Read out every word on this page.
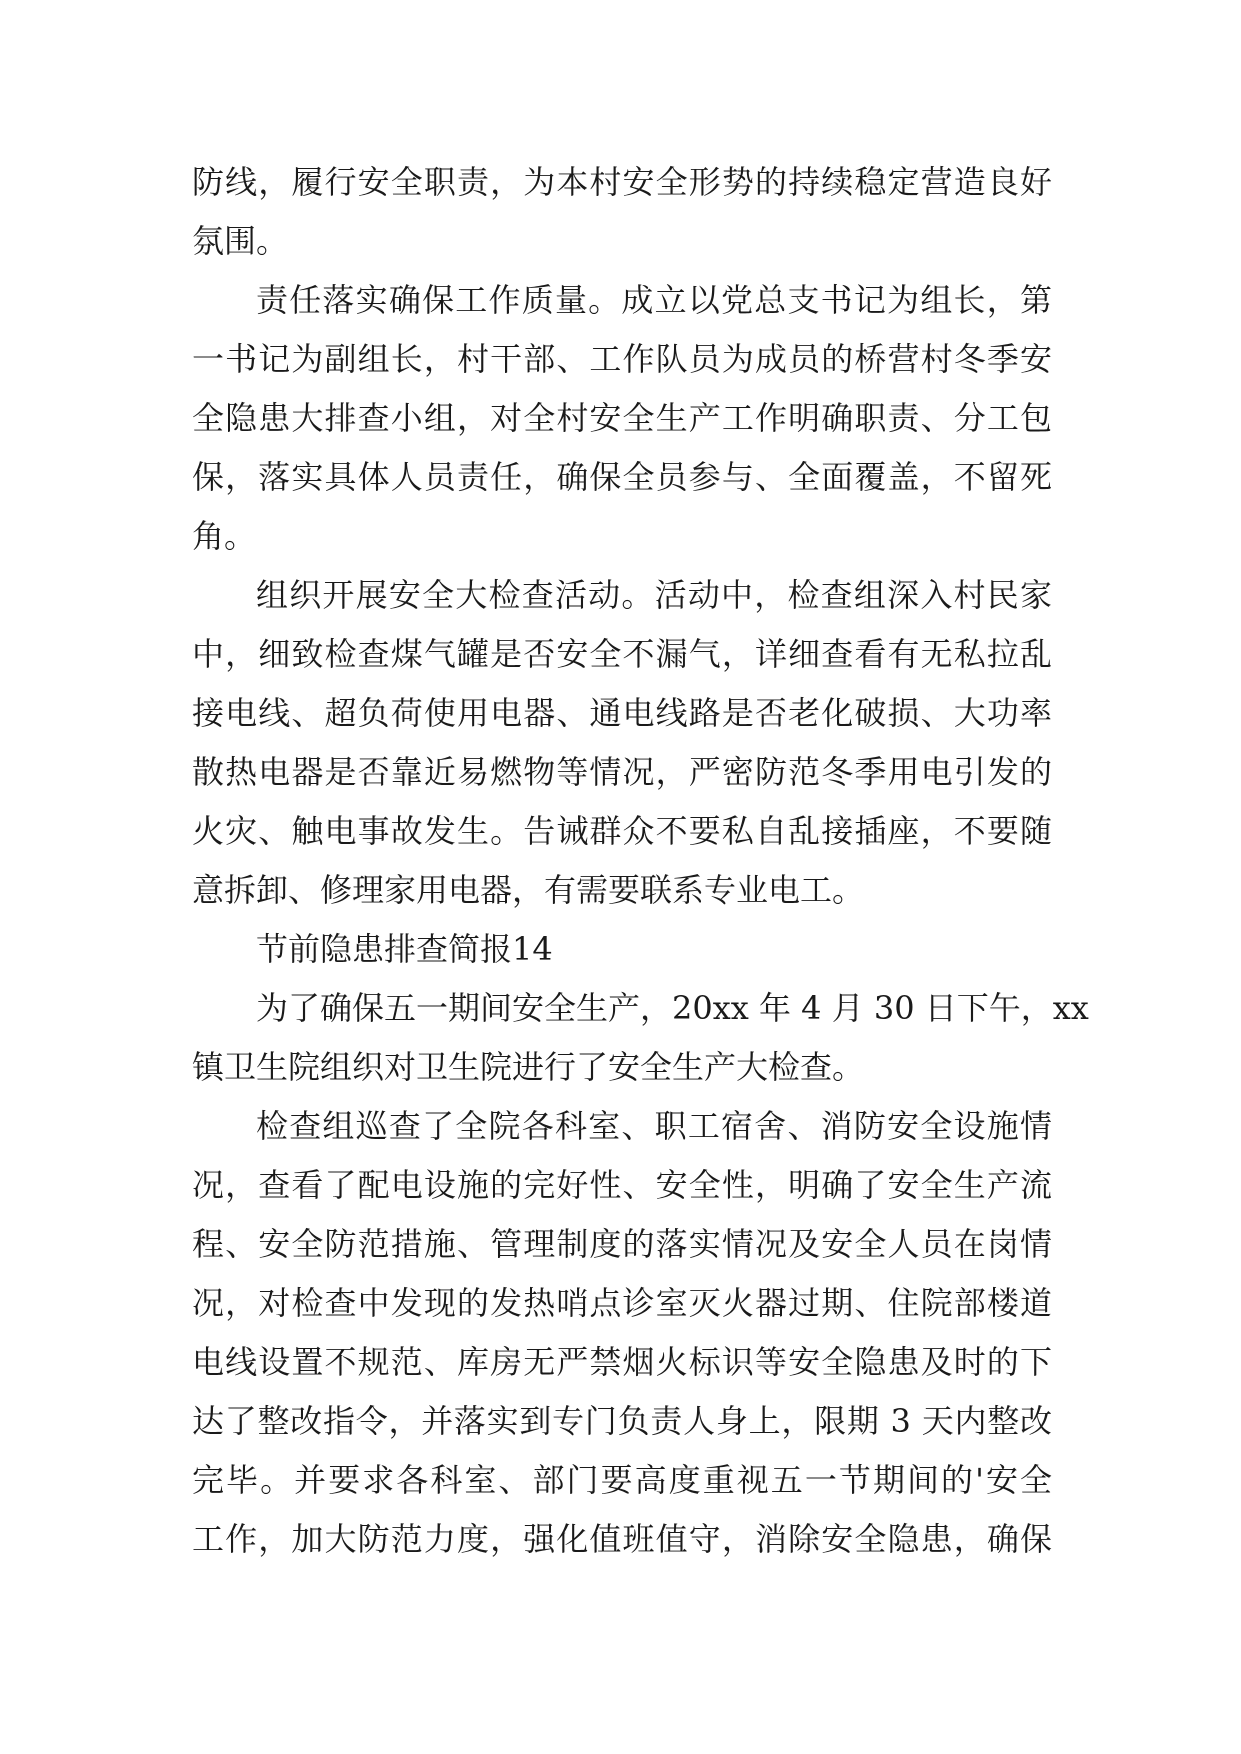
防线，履行安全职责，为本村安全形势的持续稳定营造良好
氛围。
责任落实确保工作质量。成立以党总支书记为组长，第
一书记为副组长，村干部、工作队员为成员的桥营村冬季安
全隐患大排查小组，对全村安全生产工作明确职责、分工包
保，落实具体人员责任，确保全员参与、全面覆盖，不留死
角。
组织开展安全大检查活动。活动中，检查组深入村民家
中，细致检查煤气罐是否安全不漏气，详细查看有无私拉乱
接电线、超负荷使用电器、通电线路是否老化破损、大功率
散热电器是否靠近易燃物等情况，严密防范冬季用电引发的
火灾、触电事故发生。告诫群众不要私自乱接插座，不要随
意拆卸、修理家用电器，有需要联系专业电工。
节前隐患排查简报14
为了确保五一期间安全生产，20xx 年 4 月 30 日下午，xx
镇卫生院组织对卫生院进行了安全生产大检查。
检查组巡查了全院各科室、职工宿舍、消防安全设施情
况，查看了配电设施的完好性、安全性，明确了安全生产流
程、安全防范措施、管理制度的落实情况及安全人员在岗情
况，对检查中发现的发热哨点诊室灭火器过期、住院部楼道
电线设置不规范、库房无严禁烟火标识等安全隐患及时的下
达了整改指令，并落实到专门负责人身上，限期 3 天内整改
完毕。并要求各科室、部门要高度重视五一节期间的'安全
工作，加大防范力度，强化值班值守，消除安全隐患，确保
